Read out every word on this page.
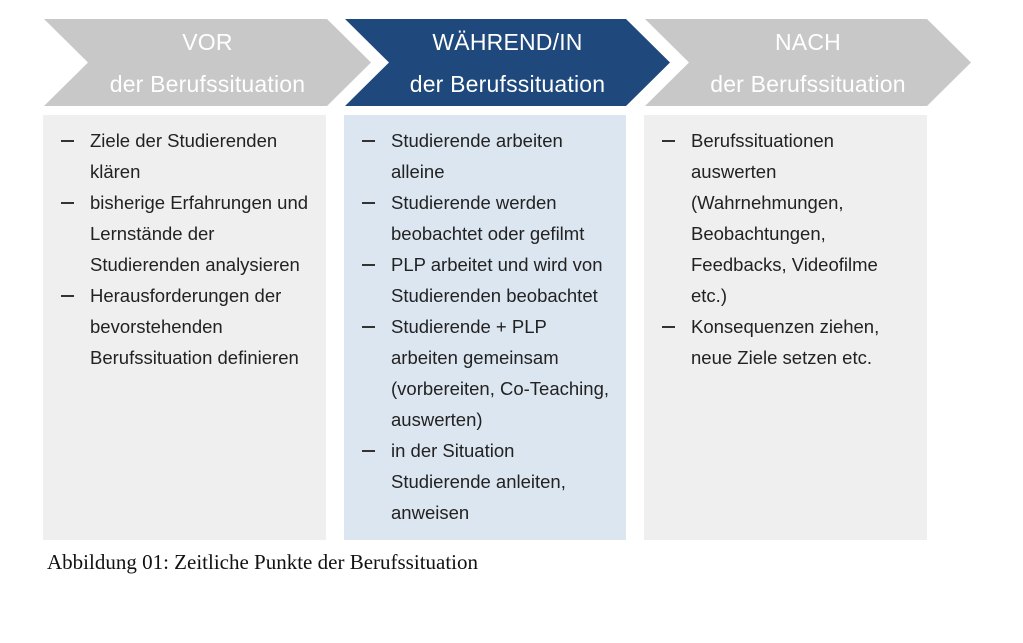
VOR
der Berufssituation
WÄHREND/IN
der Berufssituation
NACH
der Berufssituation
Ziele der Studierenden klären
bisherige Erfahrungen und Lernstände der Studierenden analysieren
Herausforderungen der bevorstehenden Berufssituation definieren
Studierende arbeiten alleine
Studierende werden beobachtet oder gefilmt
PLP arbeitet und wird von Studierenden beobachtet
Studierende + PLP arbeiten gemeinsam (vorbereiten, Co-Teaching, auswerten)
in der Situation Studierende anleiten, anweisen
Berufssituationen auswerten (Wahrnehmungen, Beobachtungen, Feedbacks, Videofilme etc.)
Konsequenzen ziehen, neue Ziele setzen etc.
Abbildung 01: Zeitliche Punkte der Berufssituation
